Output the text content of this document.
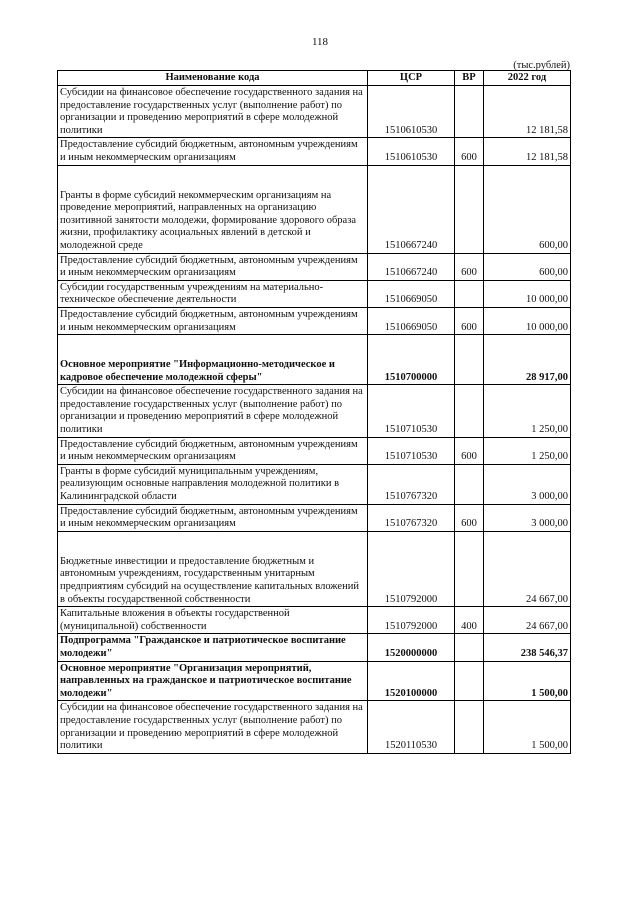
118
(тыс.рублей)
Наименование кода	ЦСР	ВР	2022 год
Субсидии на финансовое обеспечение государственного задания на предоставление государственных услуг (выполнение работ) по организации и проведению мероприятий в сфере молодежной политики	1510610530		12 181,58
Предоставление субсидий бюджетным, автономным учреждениям и иным некоммерческим организациям	1510610530	600	12 181,58
Гранты в форме субсидий некоммерческим организациям на проведение мероприятий, направленных на организацию позитивной занятости молодежи, формирование здорового образа жизни, профилактику асоциальных явлений в детской и молодежной среде	1510667240		600,00
Предоставление субсидий бюджетным, автономным учреждениям и иным некоммерческим организациям	1510667240	600	600,00
Субсидии государственным учреждениям на материально-техническое обеспечение деятельности	1510669050		10 000,00
Предоставление субсидий бюджетным, автономным учреждениям и иным некоммерческим организациям	1510669050	600	10 000,00
Основное мероприятие "Информационно-методическое и кадровое обеспечение молодежной сферы"	1510700000		28 917,00
Субсидии на финансовое обеспечение государственного задания на предоставление государственных услуг (выполнение работ) по организации и проведению мероприятий в сфере молодежной политики	1510710530		1 250,00
Предоставление субсидий бюджетным, автономным учреждениям и иным некоммерческим организациям	1510710530	600	1 250,00
Гранты в форме субсидий муниципальным учреждениям, реализующим основные направления молодежной политики в Калининградской области	1510767320		3 000,00
Предоставление субсидий бюджетным, автономным учреждениям и иным некоммерческим организациям	1510767320	600	3 000,00
Бюджетные инвестиции и предоставление бюджетным и автономным учреждениям, государственным унитарным предприятиям субсидий на осуществление капитальных вложений в объекты государственной собственности	1510792000		24 667,00
Капитальные вложения в объекты государственной (муниципальной) собственности	1510792000	400	24 667,00
Подпрограмма "Гражданское и патриотическое воспитание молодежи"	1520000000		238 546,37
Основное мероприятие "Организация мероприятий, направленных на гражданское и патриотическое воспитание молодежи"	1520100000		1 500,00
Субсидии на финансовое обеспечение государственного задания на предоставление государственных услуг (выполнение работ) по организации и проведению мероприятий в сфере молодежной политики	1520110530		1 500,00
